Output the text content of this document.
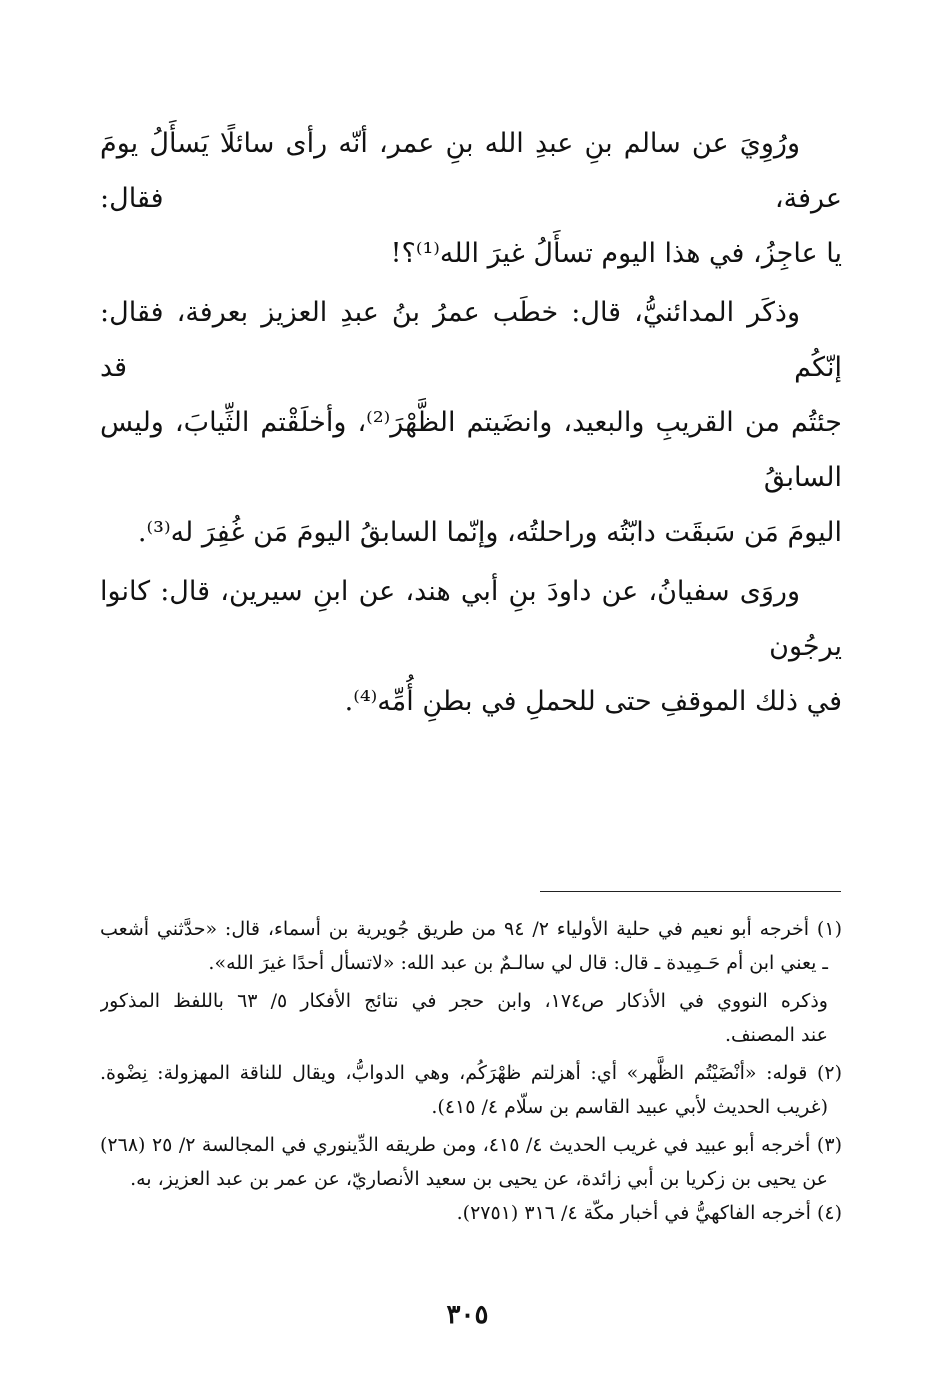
ورُوِيَ عن سالم بنِ عبدِ الله بنِ عمر، أنّه رأى سائلًا يَسأَلُ يومَ عرفة، فقال:
يا عاجِزُ، في هذا اليوم تسأَلُ غيرَ الله⁽¹⁾؟!

وذكَر المدائنيُّ، قال: خطَب عمرُ بنُ عبدِ العزيز بعرفة، فقال: إنّكُم قد
جئتُم من القريبِ والبعيد، وانضَيتم الظَّهْرَ⁽²⁾، وأخلَقْتم الثِّيابَ، وليس السابقُ
اليومَ مَن سَبقَت دابّتُه وراحلتُه، وإنّما السابقُ اليومَ مَن غُفِرَ له⁽³⁾.

وروَى سفيانُ، عن داودَ بنِ أبي هند، عن ابنِ سيرين، قال: كانوا يرجُون
في ذلك الموقفِ حتى للحملِ في بطنِ أُمِّه⁽⁴⁾.

(١) أخرجه أبو نعيم في حلية الأولياء ٢/ ٩٤ من طريق جُويرية بن أسماء، قال: «حدَّثني أشعب
ـ يعني ابن أم حَـمِيدة ـ قال: قال لي سالـمٌ بن عبد الله: «لاتسأل أحدًا غيرَ الله».
وذكره النووي في الأذكار ص١٧٤، وابن حجر في نتائج الأفكار ٥/ ٦٣ باللفظ المذكور
عند المصنف.
(٢) قوله: «أنْضَيْتُم الظَّهر» أي: أهزلتم ظهْرَكُم، وهي الدوابُّ، ويقال للناقة المهزولة: نِضْوة.
(غريب الحديث لأبي عبيد القاسم بن سلّام ٤/ ٤١٥).
(٣) أخرجه أبو عبيد في غريب الحديث ٤/ ٤١٥، ومن طريقه الدِّينوري في المجالسة ٢/ ٢٥ (٢٦٨)
عن يحيى بن زكريا بن أبي زائدة، عن يحيى بن سعيد الأنصاريّ، عن عمر بن عبد العزيز، به.
(٤) أخرجه الفاكهيُّ في أخبار مكّة ٤/ ٣١٦ (٢٧٥١).
٣٠٥
